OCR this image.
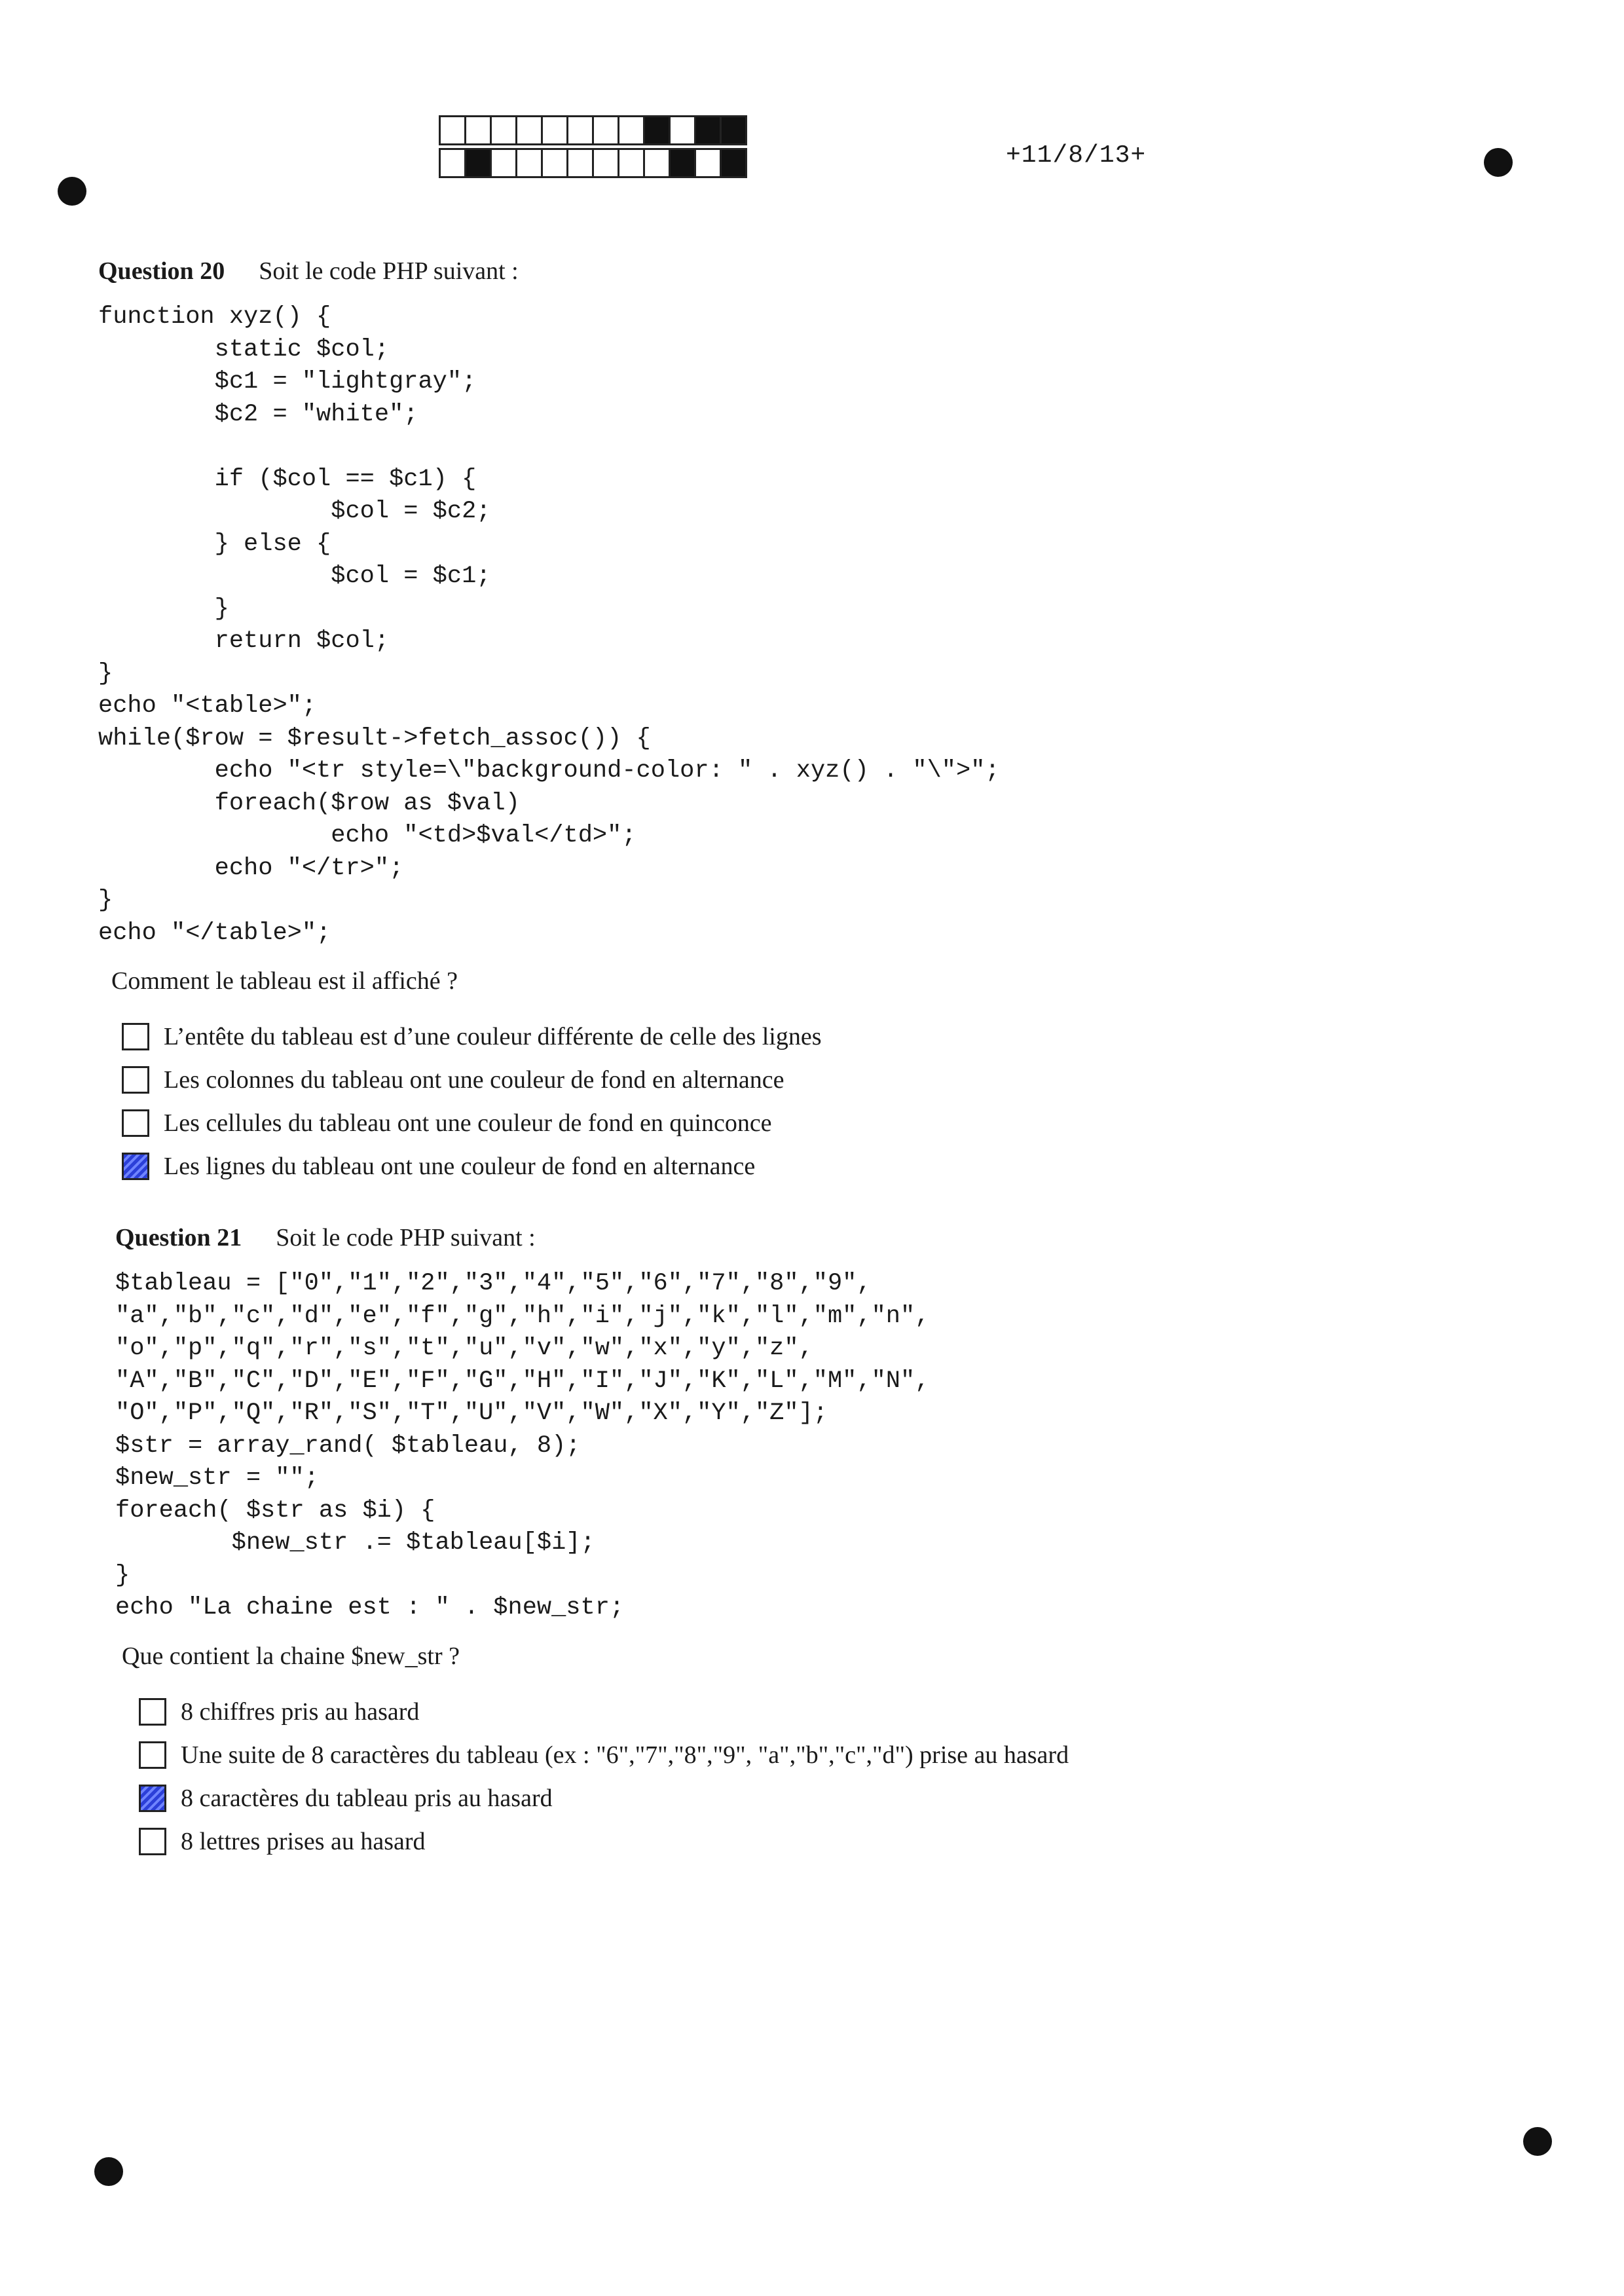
+11/8/13+
Question 20 Soit le code PHP suivant :
function xyz() {
static $col;
$c1 = "lightgray";
$c2 = "white";

if ($col == $c1) {
$col = $c2;
} else {
$col = $c1;
}
return $col;
}
echo "<table>";
while($row = $result->fetch_assoc()) {
echo "<tr style=\"background-color: " . xyz() . "\">";
foreach($row as $val)
echo "<td>$val</td>";
echo "</tr>";
}
echo "</table>";
Comment le tableau est il affiché ?
L’entête du tableau est d’une couleur différente de celle des lignes
Les colonnes du tableau ont une couleur de fond en alternance
Les cellules du tableau ont une couleur de fond en quinconce
Les lignes du tableau ont une couleur de fond en alternance
Question 21 Soit le code PHP suivant :
$tableau = ["0","1","2","3","4","5","6","7","8","9",
"a","b","c","d","e","f","g","h","i","j","k","l","m","n",
"o","p","q","r","s","t","u","v","w","x","y","z",
"A","B","C","D","E","F","G","H","I","J","K","L","M","N",
"O","P","Q","R","S","T","U","V","W","X","Y","Z"];
$str = array_rand( $tableau, 8);
$new_str = "";
foreach( $str as $i) {
$new_str .= $tableau[$i];
}
echo "La chaine est : " . $new_str;
Que contient la chaine $new_str ?
8 chiffres pris au hasard
Une suite de 8 caractères du tableau (ex : "6","7","8","9", "a","b","c","d") prise au hasard
8 caractères du tableau pris au hasard
8 lettres prises au hasard
